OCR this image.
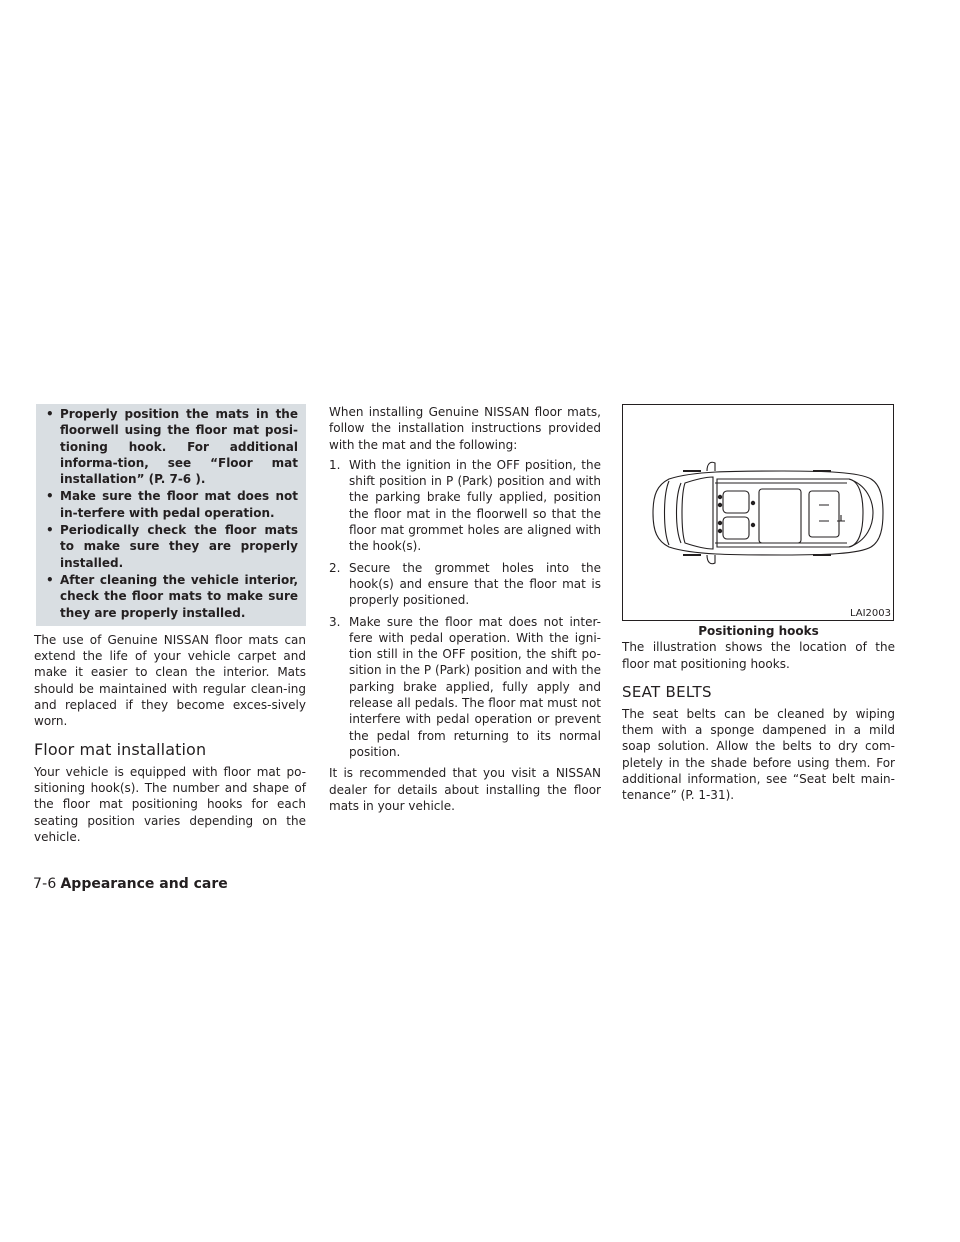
• Properly position the mats in the floorwell using the floor mat posi-tioning hook. For additional informa-tion, see “Floor mat installation” (P. 7-6 ).
• Make sure the floor mat does not in-terfere with pedal operation.
• Periodically check the floor mats to make sure they are properly installed.
• After cleaning the vehicle interior, check the floor mats to make sure they are properly installed.

The use of Genuine NISSAN floor mats can extend the life of your vehicle carpet and make it easier to clean the interior. Mats should be maintained with regular clean-ing and replaced if they become exces-sively worn.

Floor mat installation

Your vehicle is equipped with floor mat po-sitioning hook(s). The number and shape of the floor mat positioning hooks for each seating position varies depending on the vehicle.

When installing Genuine NISSAN floor mats, follow the installation instructions provided with the mat and the following:

1. With the ignition in the OFF position, the shift position in P (Park) position and with the parking brake fully applied, position the floor mat in the floorwell so that the floor mat grommet holes are aligned with the hook(s).
2. Secure the grommet holes into the hook(s) and ensure that the floor mat is properly positioned.
3. Make sure the floor mat does not inter-fere with pedal operation. With the igni-tion still in the OFF position, the shift po-sition in the P (Park) position and with the parking brake applied, fully apply and release all pedals. The floor mat must not interfere with pedal operation or prevent the pedal from returning to its normal position.

It is recommended that you visit a NISSAN dealer for details about installing the floor mats in your vehicle.

LAI2003

Positioning hooks

The illustration shows the location of the floor mat positioning hooks.

SEAT BELTS

The seat belts can be cleaned by wiping them with a sponge dampened in a mild soap solution. Allow the belts to dry com-pletely in the shade before using them. For additional information, see “Seat belt main-tenance” (P. 1-31).

7-6 Appearance and care
